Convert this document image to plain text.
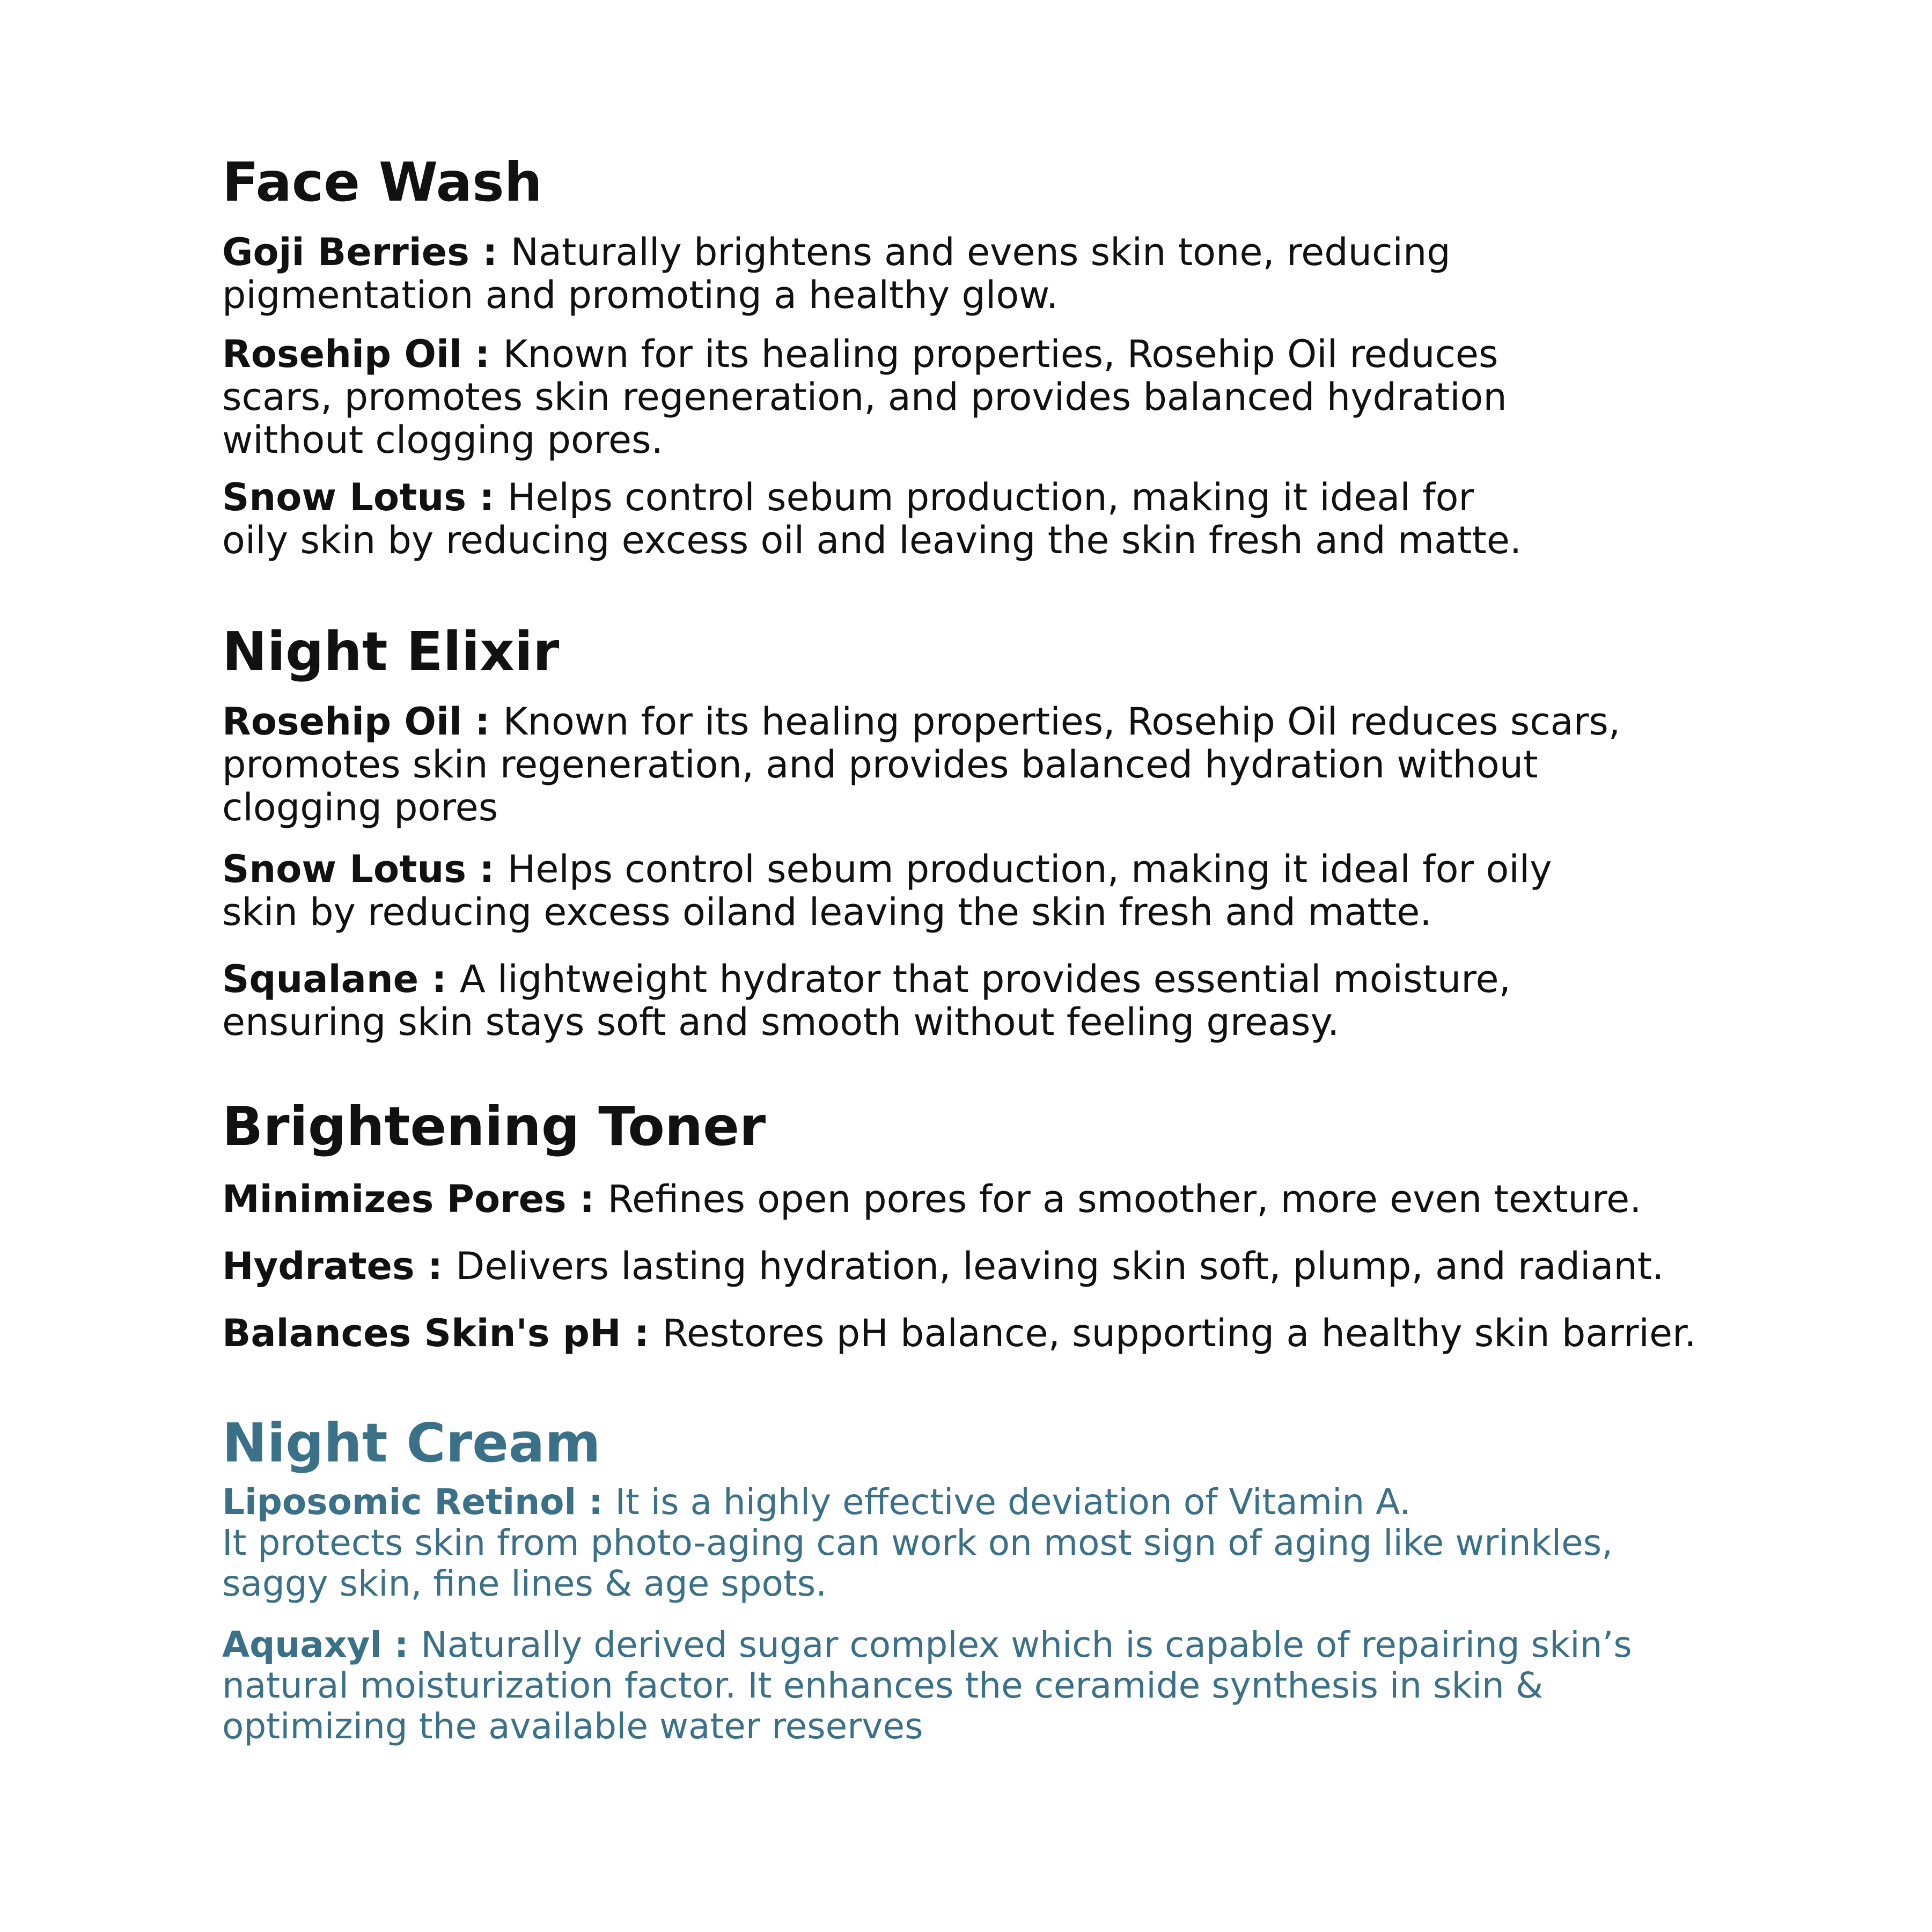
Face Wash

Goji Berries : Naturally brightens and evens skin tone, reducing
pigmentation and promoting a healthy glow.

Rosehip Oil : Known for its healing properties, Rosehip Oil reduces
scars, promotes skin regeneration, and provides balanced hydration
without clogging pores.

Snow Lotus : Helps control sebum production, making it ideal for
oily skin by reducing excess oil and leaving the skin fresh and matte.

Night Elixir

Rosehip Oil : Known for its healing properties, Rosehip Oil reduces scars,
promotes skin regeneration, and provides balanced hydration without
clogging pores

Snow Lotus : Helps control sebum production, making it ideal for oily
skin by reducing excess oiland leaving the skin fresh and matte.

Squalane : A lightweight hydrator that provides essential moisture,
ensuring skin stays soft and smooth without feeling greasy.

Brightening Toner

Minimizes Pores : Refines open pores for a smoother, more even texture.

Hydrates : Delivers lasting hydration, leaving skin soft, plump, and radiant.

Balances Skin's pH : Restores pH balance, supporting a healthy skin barrier.

Night Cream

Liposomic Retinol : It is a highly effective deviation of Vitamin A.
It protects skin from photo-aging can work on most sign of aging like wrinkles,
saggy skin, fine lines & age spots.

Aquaxyl : Naturally derived sugar complex which is capable of repairing skin’s
natural moisturization factor. It enhances the ceramide synthesis in skin &
optimizing the available water reserves
